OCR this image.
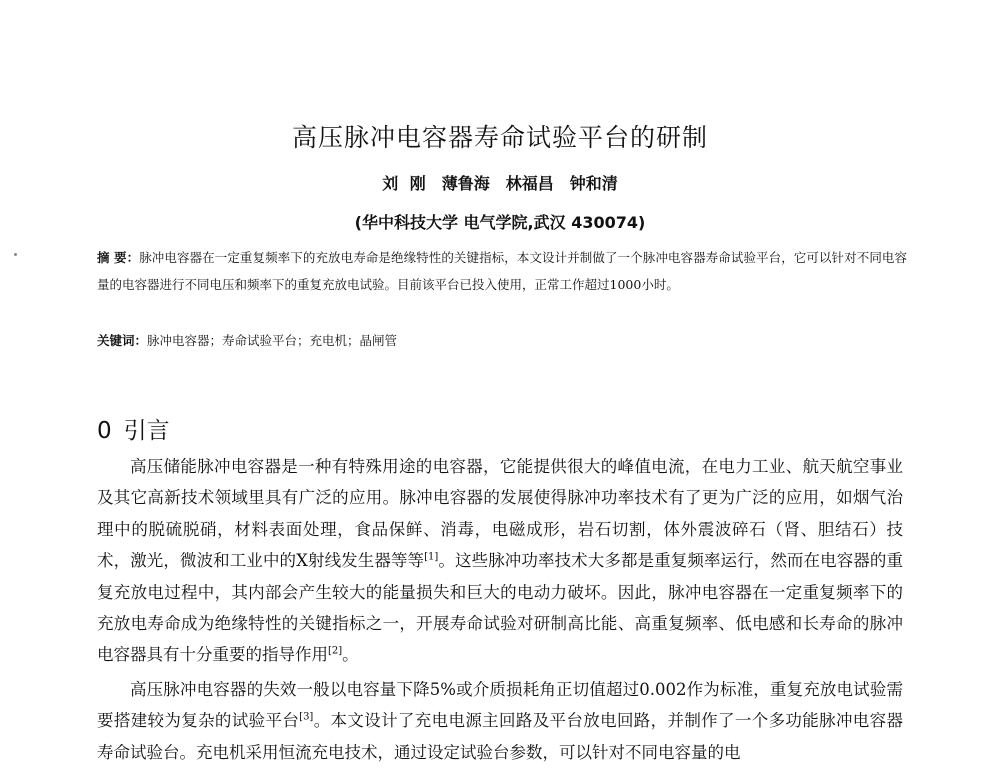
高压脉冲电容器寿命试验平台的研制
刘 刚　薄鲁海　林福昌　钟和清
(华中科技大学 电气学院,武汉 430074)
摘 要：脉冲电容器在一定重复频率下的充放电寿命是绝缘特性的关键指标，本文设计并制做了一个脉冲电容器寿命试验平台，它可以针对不同电容量的电容器进行不同电压和频率下的重复充放电试验。目前该平台已投入使用，正常工作超过1000小时。
关键词：脉冲电容器；寿命试验平台；充电机；晶闸管
0 引言

高压储能脉冲电容器是一种有特殊用途的电容器，它能提供很大的峰值电流，在电力工业、航天航空事业及其它高新技术领域里具有广泛的应用。脉冲电容器的发展使得脉冲功率技术有了更为广泛的应用，如烟气治理中的脱硫脱硝，材料表面处理，食品保鲜、消毒，电磁成形，岩石切割，体外震波碎石（肾、胆结石）技术，激光，微波和工业中的X射线发生器等等[1]。这些脉冲功率技术大多都是重复频率运行，然而在电容器的重复充放电过程中，其内部会产生较大的能量损失和巨大的电动力破坏。因此，脉冲电容器在一定重复频率下的充放电寿命成为绝缘特性的关键指标之一，开展寿命试验对研制高比能、高重复频率、低电感和长寿命的脉冲电容器具有十分重要的指导作用[2]。

高压脉冲电容器的失效一般以电容量下降5%或介质损耗角正切值超过0.002作为标准，重复充放电试验需要搭建较为复杂的试验平台[3]。本文设计了充电电源主回路及平台放电回路，并制作了一个多功能脉冲电容器寿命试验台。充电机采用恒流充电技术，通过设定试验台参数，可以针对不同电容量的电
